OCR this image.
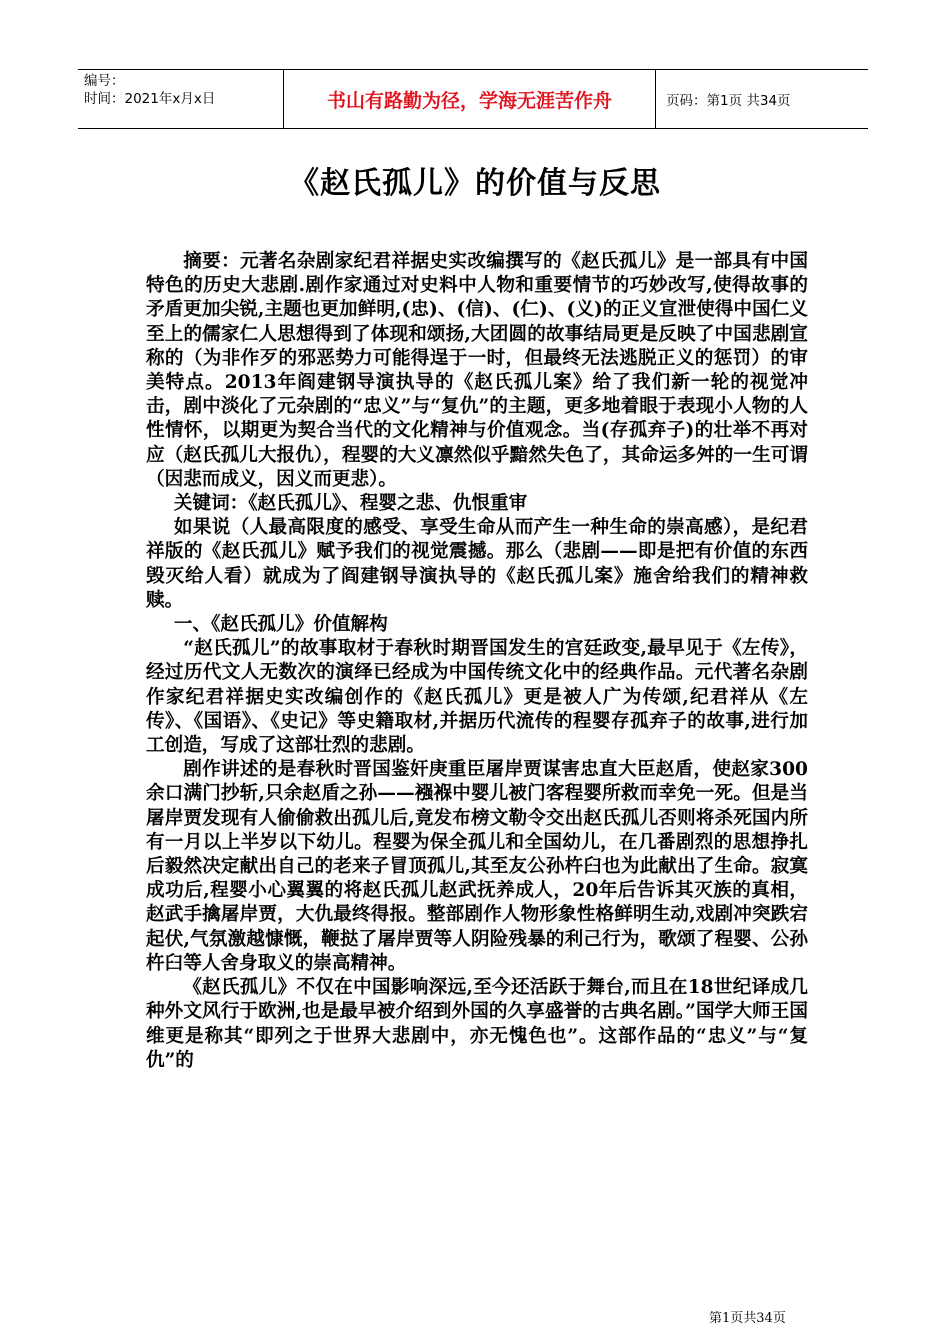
编号：
时间：2021年x月x日	书山有路勤为径，学海无涯苦作舟	页码：第1页 共34页
《赵氏孤儿》的价值与反思

摘要：元著名杂剧家纪君祥据史实改编撰写的《赵氏孤儿》是一部具有中国特色的历史大悲剧.剧作家通过对史料中人物和重要情节的巧妙改写,使得故事的矛盾更加尖锐,主题也更加鲜明,(忠)、(信)、(仁)、(义)的正义宣泄使得中国仁义至上的儒家仁人思想得到了体现和颂扬,大团圆的故事结局更是反映了中国悲剧宣称的（为非作歹的邪恶势力可能得逞于一时，但最终无法逃脱正义的惩罚）的审美特点。2013年阎建钢导演执导的《赵氏孤儿案》给了我们新一轮的视觉冲击，剧中淡化了元杂剧的“忠义”与“复仇”的主题，更多地着眼于表现小人物的人性情怀，以期更为契合当代的文化精神与价值观念。当(存孤弃子)的壮举不再对应（赵氏孤儿大报仇），程婴的大义凛然似乎黯然失色了，其命运多舛的一生可谓（因悲而成义，因义而更悲）。

关键词：《赵氏孤儿》、程婴之悲、仇恨重审

如果说（人最高限度的感受、享受生命从而产生一种生命的崇高感），是纪君祥版的《赵氏孤儿》赋予我们的视觉震撼。那么（悲剧——即是把有价值的东西毁灭给人看）就成为了阎建钢导演执导的《赵氏孤儿案》施舍给我们的精神救赎。

一、《赵氏孤儿》价值解构

“赵氏孤儿”的故事取材于春秋时期晋国发生的宫廷政变,最早见于《左传》，经过历代文人无数次的演绎已经成为中国传统文化中的经典作品。元代著名杂剧作家纪君祥据史实改编创作的《赵氏孤儿》更是被人广为传颂,纪君祥从《左传》、《国语》、《史记》等史籍取材,并据历代流传的程婴存孤弃子的故事,进行加工创造，写成了这部壮烈的悲剧。

剧作讲述的是春秋时晋国鉴奸庚重臣屠岸贾谋害忠直大臣赵盾，使赵家300余口满门抄斩,只余赵盾之孙——襁褓中婴儿被门客程婴所救而幸免一死。但是当屠岸贾发现有人偷偷救出孤儿后,竟发布榜文勒令交出赵氏孤儿否则将杀死国内所有一月以上半岁以下幼儿。程婴为保全孤儿和全国幼儿，在几番剧烈的思想挣扎后毅然决定献出自己的老来子冒顶孤儿,其至友公孙杵臼也为此献出了生命。寂寞成功后,程婴小心翼翼的将赵氏孤儿赵武抚养成人，20年后告诉其灭族的真相，赵武手擒屠岸贾，大仇最终得报。整部剧作人物形象性格鲜明生动,戏剧冲突跌宕起伏,气氛激越慷慨，鞭挞了屠岸贾等人阴险残暴的利己行为，歌颂了程婴、公孙杵臼等人舍身取义的崇高精神。

《赵氏孤儿》不仅在中国影响深远,至今还活跃于舞台,而且在18世纪译成几种外文风行于欧洲,也是最早被介绍到外国的久享盛誉的古典名剧。”国学大师王国维更是称其“即列之于世界大悲剧中，亦无愧色也”。这部作品的“忠义”与“复仇”的

第1页共34页
